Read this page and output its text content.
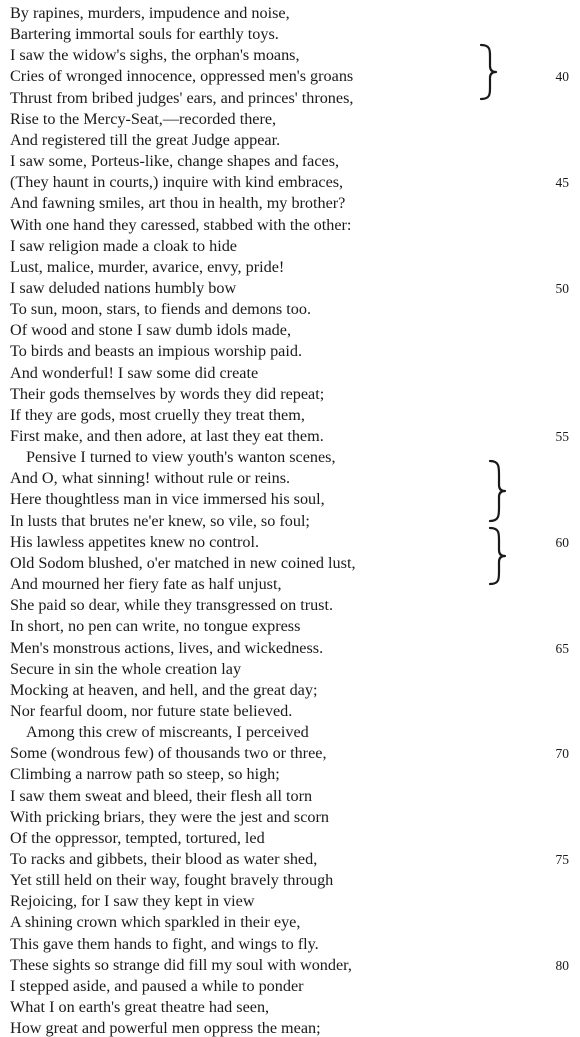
By rapines, murders, impudence and noise,
Bartering immortal souls for earthly toys.
I saw the widow's sighs, the orphan's moans,
Cries of wronged innocence, oppressed men's groans
Thrust from bribed judges' ears, and princes' thrones,
Rise to the Mercy-Seat,—recorded there,
And registered till the great Judge appear.
I saw some, Porteus-like, change shapes and faces,
(They haunt in courts,) inquire with kind embraces,
And fawning smiles, art thou in health, my brother?
With one hand they caressed, stabbed with the other:
I saw religion made a cloak to hide
Lust, malice, murder, avarice, envy, pride!
I saw deluded nations humbly bow
To sun, moon, stars, to fiends and demons too.
Of wood and stone I saw dumb idols made,
To birds and beasts an impious worship paid.
And wonderful! I saw some did create
Their gods themselves by words they did repeat;
If they are gods, most cruelly they treat them,
First make, and then adore, at last they eat them.
Pensive I turned to view youth's wanton scenes,
And O, what sinning! without rule or reins.
Here thoughtless man in vice immersed his soul,
In lusts that brutes ne'er knew, so vile, so foul;
His lawless appetites knew no control.
Old Sodom blushed, o'er matched in new coined lust,
And mourned her fiery fate as half unjust,
She paid so dear, while they transgressed on trust.
In short, no pen can write, no tongue express
Men's monstrous actions, lives, and wickedness.
Secure in sin the whole creation lay
Mocking at heaven, and hell, and the great day;
Nor fearful doom, nor future state believed.
Among this crew of miscreants, I perceived
Some (wondrous few) of thousands two or three,
Climbing a narrow path so steep, so high;
I saw them sweat and bleed, their flesh all torn
With pricking briars, they were the jest and scorn
Of the oppressor, tempted, tortured, led
To racks and gibbets, their blood as water shed,
Yet still held on their way, fought bravely through
Rejoicing, for I saw they kept in view
A shining crown which sparkled in their eye,
This gave them hands to fight, and wings to fly.
These sights so strange did fill my soul with wonder,
I stepped aside, and paused a while to ponder
What I on earth's great theatre had seen,
How great and powerful men oppress the mean;
40
45
50
55
60
65
70
75
80
